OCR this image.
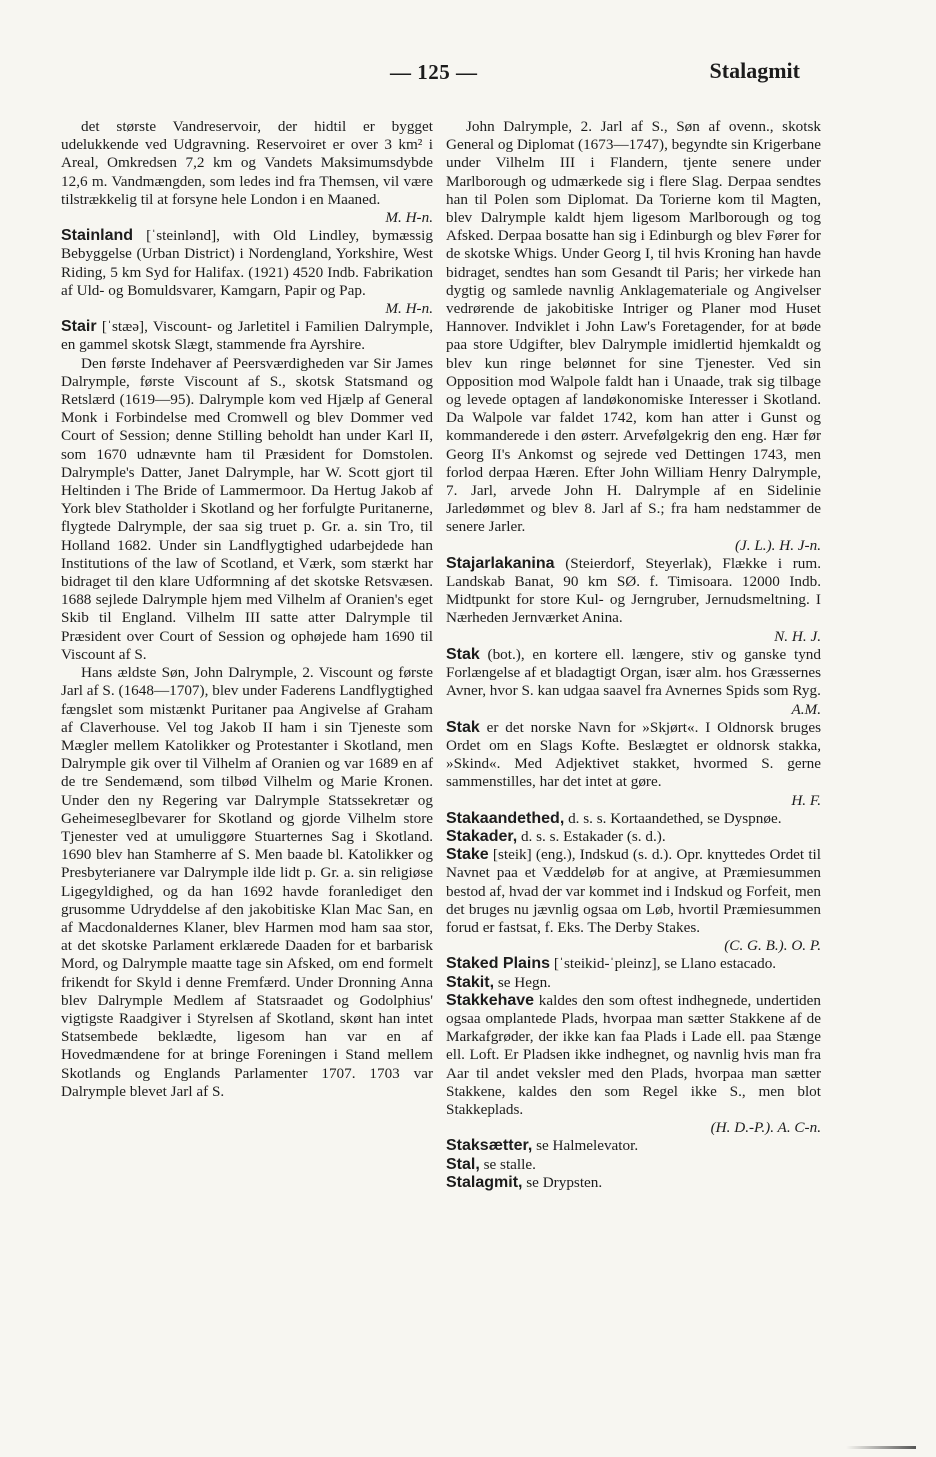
— 125 —	Stalagmit

det største Vandreservoir, der hidtil er bygget udelukkende ved Udgravning. Reservoiret er over 3 km² i Areal, Omkredsen 7,2 km og Vandets Maksimumsdybde 12,6 m. Vandmængden, som ledes ind fra Themsen, vil være tilstrækkelig til at forsyne hele London i en Maaned.
M. H-n.

Stainland [ˈsteinlənd], with Old Lindley, bymæssig Bebyggelse (Urban District) i Nordengland, Yorkshire, West Riding, 5 km Syd for Halifax. (1921) 4520 Indb. Fabrikation af Uld- og Bomuldsvarer, Kamgarn, Papir og Pap.
M. H-n.

Stair [ˈstæə], Viscount- og Jarletitel i Familien Dalrymple, en gammel skotsk Slægt, stammende fra Ayrshire.

Den første Indehaver af Peersværdigheden var Sir James Dalrymple, første Viscount af S., skotsk Statsmand og Retslærd (1619—95). Dalrymple kom ved Hjælp af General Monk i Forbindelse med Cromwell og blev Dommer ved Court of Session; denne Stilling beholdt han under Karl II, som 1670 udnævnte ham til Præsident for Domstolen. Dalrymple's Datter, Janet Dalrymple, har W. Scott gjort til Heltinden i The Bride of Lammermoor. Da Hertug Jakob af York blev Statholder i Skotland og her forfulgte Puritanerne, flygtede Dalrymple, der saa sig truet p. Gr. a. sin Tro, til Holland 1682. Under sin Landflygtighed udarbejdede han Institutions of the law of Scotland, et Værk, som stærkt har bidraget til den klare Udformning af det skotske Retsvæsen. 1688 sejlede Dalrymple hjem med Vilhelm af Oranien's eget Skib til England. Vilhelm III satte atter Dalrymple til Præsident over Court of Session og ophøjede ham 1690 til Viscount af S.

Hans ældste Søn, John Dalrymple, 2. Viscount og første Jarl af S. (1648—1707), blev under Faderens Landflygtighed fængslet som mistænkt Puritaner paa Angivelse af Graham af Claverhouse. Vel tog Jakob II ham i sin Tjeneste som Mægler mellem Katolikker og Protestanter i Skotland, men Dalrymple gik over til Vilhelm af Oranien og var 1689 en af de tre Sendemænd, som tilbød Vilhelm og Marie Kronen. Under den ny Regering var Dalrymple Statssekretær og Geheimeseglbevarer for Skotland og gjorde Vilhelm store Tjenester ved at umuliggøre Stuarternes Sag i Skotland. 1690 blev han Stamherre af S. Men baade bl. Katolikker og Presbyterianere var Dalrymple ilde lidt p. Gr. a. sin religiøse Ligegyldighed, og da han 1692 havde foranlediget den grusomme Udryddelse af den jakobitiske Klan Mac San, en af Macdonaldernes Klaner, blev Harmen mod ham saa stor, at det skotske Parlament erklærede Daaden for et barbarisk Mord, og Dalrymple maatte tage sin Afsked, om end formelt frikendt for Skyld i denne Fremfærd. Under Dronning Anna blev Dalrymple Medlem af Statsraadet og Godolphius' vigtigste Raadgiver i Styrelsen af Skotland, skønt han intet Statsembede beklædte, ligesom han var en af Hovedmændene for at bringe Foreningen i Stand mellem Skotlands og Englands Parlamenter 1707. 1703 var Dalrymple blevet Jarl af S.

John Dalrymple, 2. Jarl af S., Søn af ovenn., skotsk General og Diplomat (1673—1747), begyndte sin Krigerbane under Vilhelm III i Flandern, tjente senere under Marlborough og udmærkede sig i flere Slag. Derpaa sendtes han til Polen som Diplomat. Da Torierne kom til Magten, blev Dalrymple kaldt hjem ligesom Marlborough og tog Afsked. Derpaa bosatte han sig i Edinburgh og blev Fører for de skotske Whigs. Under Georg I, til hvis Kroning han havde bidraget, sendtes han som Gesandt til Paris; her virkede han dygtig og samlede navnlig Anklagemateriale og Angivelser vedrørende de jakobitiske Intriger og Planer mod Huset Hannover. Indviklet i John Law's Foretagender, for at bøde paa store Udgifter, blev Dalrymple imidlertid hjemkaldt og blev kun ringe belønnet for sine Tjenester. Ved sin Opposition mod Walpole faldt han i Unaade, trak sig tilbage og levede optagen af landøkonomiske Interesser i Skotland. Da Walpole var faldet 1742, kom han atter i Gunst og kommanderede i den østerr. Arvefølgekrig den eng. Hær før Georg II's Ankomst og sejrede ved Dettingen 1743, men forlod derpaa Hæren. Efter John William Henry Dalrymple, 7. Jarl, arvede John H. Dalrymple af en Sidelinie Jarledømmet og blev 8. Jarl af S.; fra ham nedstammer de senere Jarler.
(J. L.). H. J-n.

Stajarlakanina (Steierdorf, Steyerlak), Flække i rum. Landskab Banat, 90 km SØ. f. Timisoara. 12000 Indb. Midtpunkt for store Kul- og Jerngruber, Jernudsmeltning. I Nærheden Jernværket Anina.
N. H. J.

Stak (bot.), en kortere ell. længere, stiv og ganske tynd Forlængelse af et bladagtigt Organ, især alm. hos Græssernes Avner, hvor S. kan udgaa saavel fra Avnernes Spids som Ryg.
A.M.

Stak er det norske Navn for »Skjørt«. I Oldnorsk bruges Ordet om en Slags Kofte. Beslægtet er oldnorsk stakka, »Skind«. Med Adjektivet stakket, hvormed S. gerne sammenstilles, har det intet at gøre.
H. F.

Stakaandethed, d. s. s. Kortaandethed, se Dyspnøe.

Stakader, d. s. s. Estakader (s. d.).

Stake [steik] (eng.), Indskud (s. d.). Opr. knyttedes Ordet til Navnet paa et Væddeløb for at angive, at Præmiesummen bestod af, hvad der var kommet ind i Indskud og Forfeit, men det bruges nu jævnlig ogsaa om Løb, hvortil Præmiesummen forud er fastsat, f. Eks. The Derby Stakes.
(C. G. B.). O. P.

Staked Plains [ˈsteikid-ˈpleinz], se Llano estacado.

Stakit, se Hegn.

Stakkehave kaldes den som oftest indhegnede, undertiden ogsaa omplantede Plads, hvorpaa man sætter Stakkene af de Markafgrøder, der ikke kan faa Plads i Lade ell. paa Stænge ell. Loft. Er Pladsen ikke indhegnet, og navnlig hvis man fra Aar til andet veksler med den Plads, hvorpaa man sætter Stakkene, kaldes den som Regel ikke S., men blot Stakkeplads.
(H. D.-P.). A. C-n.

Staksætter, se Halmelevator.

Stal, se stalle.

Stalagmit, se Drypsten.
